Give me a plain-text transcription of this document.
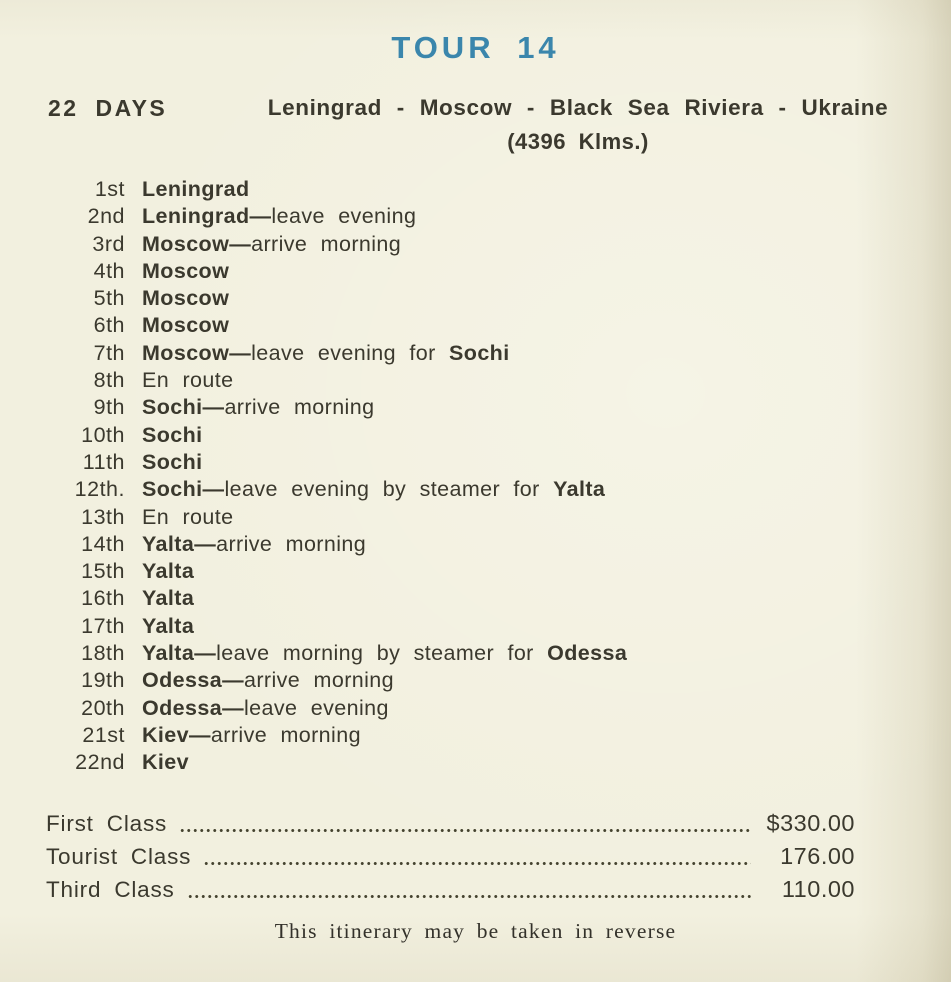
TOUR 14
22 DAYS	Leningrad - Moscow - Black Sea Riviera - Ukraine
(4396 Klms.)
1st Leningrad
2nd Leningrad—leave evening
3rd Moscow—arrive morning
4th Moscow
5th Moscow
6th Moscow
7th Moscow—leave evening for Sochi
8th En route
9th Sochi—arrive morning
10th Sochi
11th Sochi
12th. Sochi—leave evening by steamer for Yalta
13th En route
14th Yalta—arrive morning
15th Yalta
16th Yalta
17th Yalta
18th Yalta—leave morning by steamer for Odessa
19th Odessa—arrive morning
20th Odessa—leave evening
21st Kiev—arrive morning
22nd Kiev
First Class	$330.00
Tourist Class	176.00
Third Class	110.00
This itinerary may be taken in reverse
